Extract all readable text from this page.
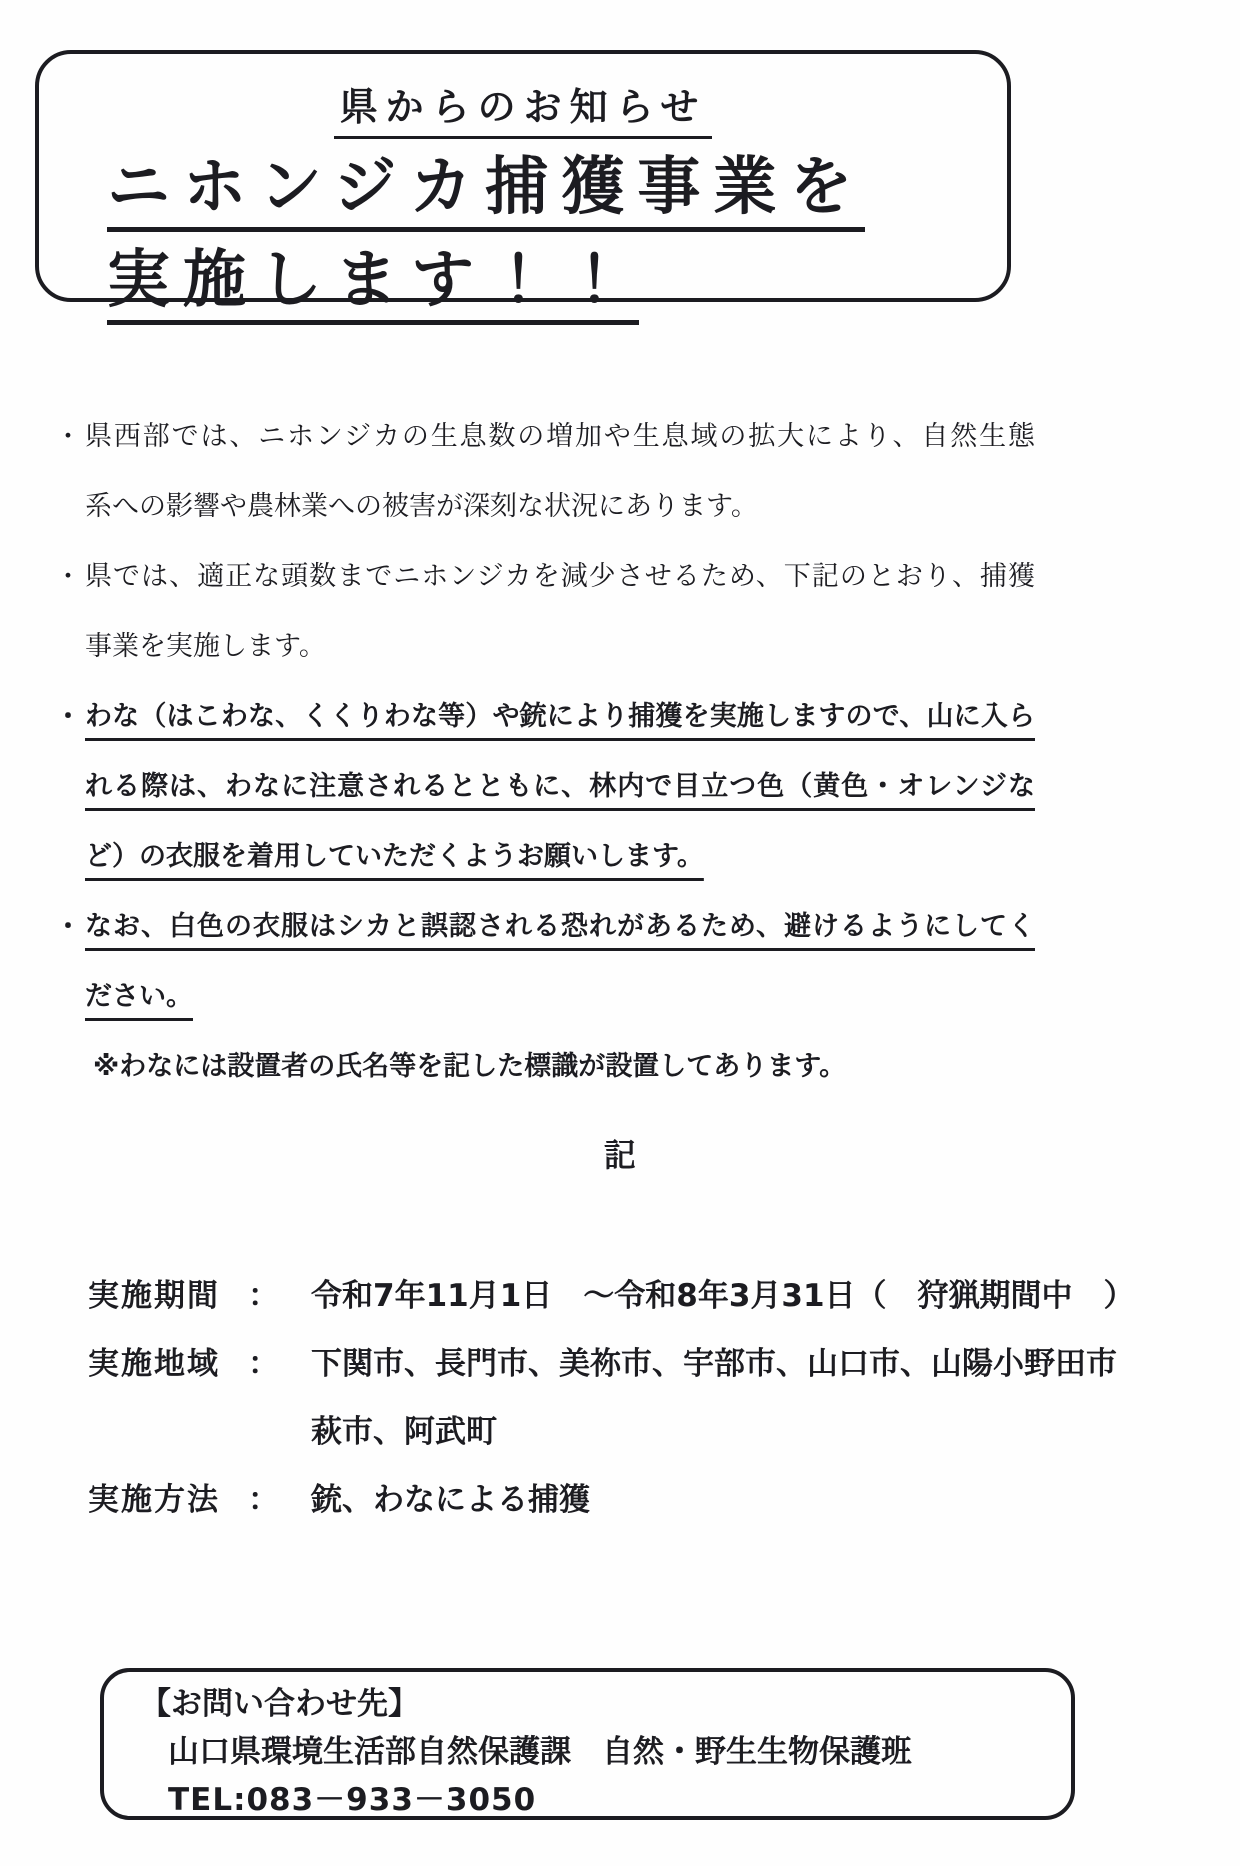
県からのお知らせ
ニホンジカ捕獲事業を
実施します！！
・ 県西部では、ニホンジカの生息数の増加や生息域の拡大により、自然生態
系への影響や農林業への被害が深刻な状況にあります。
・ 県では、適正な頭数までニホンジカを減少させるため、下記のとおり、捕獲
事業を実施します。
・ わな（はこわな、くくりわな等）や銃により捕獲を実施しますので、山に入ら
れる際は、わなに注意されるとともに、林内で目立つ色（黄色・オレンジな
ど）の衣服を着用していただくようお願いします。
・ なお、白色の衣服はシカと誤認される恐れがあるため、避けるようにしてく
ださい。
※わなには設置者の氏名等を記した標識が設置してあります。
記
実施期間 ： 令和7年11月1日　～令和8年3月31日（　狩猟期間中　）
実施地域 ： 下関市、長門市、美祢市、宇部市、山口市、山陽小野田市
萩市、阿武町
実施方法 ： 銃、わなによる捕獲
【お問い合わせ先】
山口県環境生活部自然保護課　自然・野生生物保護班
TEL:083－933－3050
